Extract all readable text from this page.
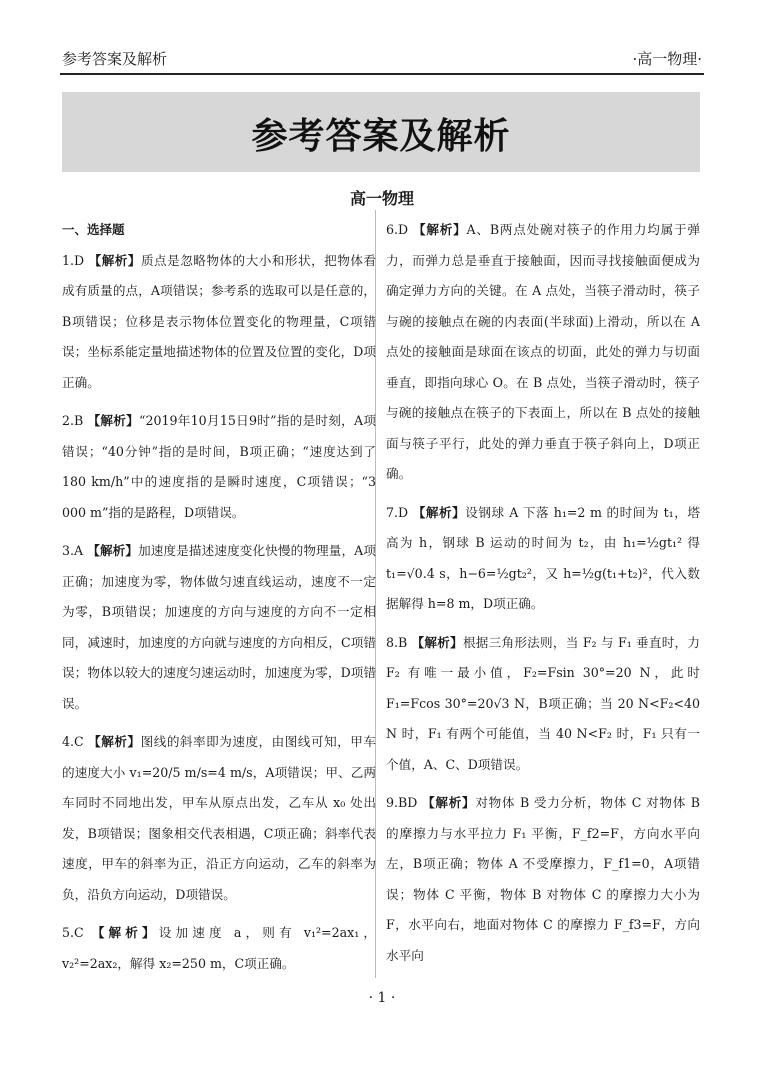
参考答案及解析	·高一物理·
参考答案及解析
高一物理
一、选择题
1.D 【解析】质点是忽略物体的大小和形状，把物体看成有质量的点，A项错误；参考系的选取可以是任意的，B项错误；位移是表示物体位置变化的物理量，C项错误；坐标系能定量地描述物体的位置及位置的变化，D项正确。
2.B 【解析】“2019年10月15日9时”指的是时刻，A项错误；“40分钟”指的是时间，B项正确；“速度达到了180 km/h”中的速度指的是瞬时速度，C项错误；“3 000 m”指的是路程，D项错误。
3.A 【解析】加速度是描述速度变化快慢的物理量，A项正确；加速度为零，物体做匀速直线运动，速度不一定为零，B项错误；加速度的方向与速度的方向不一定相同，减速时，加速度的方向就与速度的方向相反，C项错误；物体以较大的速度匀速运动时，加速度为零，D项错误。
4.C 【解析】图线的斜率即为速度，由图线可知，甲车的速度大小 v₁=20/5 m/s=4 m/s，A项错误；甲、乙两车同时不同地出发，甲车从原点出发，乙车从 x₀ 处出发，B项错误；图象相交代表相遇，C项正确；斜率代表速度，甲车的斜率为正，沿正方向运动，乙车的斜率为负，沿负方向运动，D项错误。
5.C 【解析】设加速度 a，则有 v₁²=2ax₁，v₂²=2ax₂，解得 x₂=250 m，C项正确。
6.D 【解析】A、B两点处碗对筷子的作用力均属于弹力，而弹力总是垂直于接触面，因而寻找接触面便成为确定弹力方向的关键。在 A 点处，当筷子滑动时，筷子与碗的接触点在碗的内表面(半球面)上滑动，所以在 A 点处的接触面是球面在该点的切面，此处的弹力与切面垂直，即指向球心 O。在 B 点处，当筷子滑动时，筷子与碗的接触点在筷子的下表面上，所以在 B 点处的接触面与筷子平行，此处的弹力垂直于筷子斜向上，D项正确。
7.D 【解析】设钢球 A 下落 h₁=2 m 的时间为 t₁，塔高为 h，钢球 B 运动的时间为 t₂，由 h₁=½gt₁² 得 t₁=√0.4 s，h−6=½gt₂²，又 h=½g(t₁+t₂)²，代入数据解得 h=8 m，D项正确。
8.B 【解析】根据三角形法则，当 F₂ 与 F₁ 垂直时，力 F₂ 有唯一最小值，F₂=Fsin 30°=20 N，此时 F₁=Fcos 30°=20√3 N，B项正确；当 20 N<F₂<40 N 时，F₁ 有两个可能值，当 40 N<F₂ 时，F₁ 只有一个值，A、C、D项错误。
9.BD 【解析】对物体 B 受力分析，物体 C 对物体 B 的摩擦力与水平拉力 F₁ 平衡，F_f2=F，方向水平向左，B项正确；物体 A 不受摩擦力，F_f1=0，A项错误；物体 C 平衡，物体 B 对物体 C 的摩擦力大小为 F，水平向右，地面对物体 C 的摩擦力 F_f3=F，方向水平向
· 1 ·
